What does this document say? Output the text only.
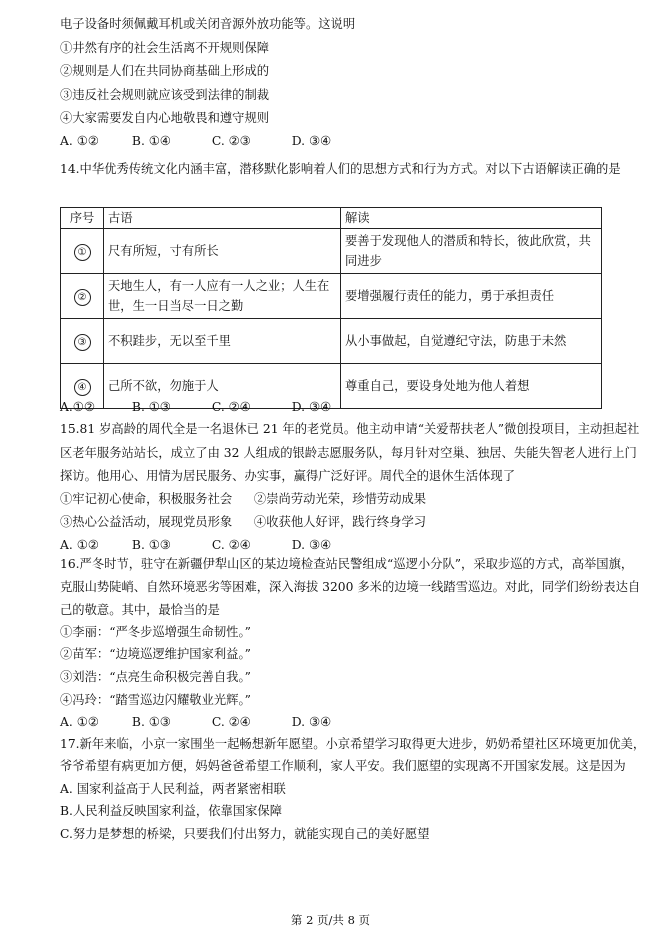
电子设备时须佩戴耳机或关闭音源外放功能等。这说明
①井然有序的社会生活离不开规则保障
②规则是人们在共同协商基础上形成的
③违反社会规则就应该受到法律的制裁
④大家需要发自内心地敬畏和遵守规则
A. ①②	B. ①④	C. ②③	D. ③④
14.中华优秀传统文化内涵丰富，潜移默化影响着人们的思想方式和行为方式。对以下古语解读正确的是
序号	古语	解读
①	尺有所短，寸有所长	要善于发现他人的潜质和特长，彼此欣赏，共同进步
②	天地生人，有一人应有一人之业；人生在世，生一日当尽一日之勤	要增强履行责任的能力，勇于承担责任
③	不积跬步，无以至千里	从小事做起，自觉遵纪守法，防患于未然
④	己所不欲，勿施于人	尊重自己，要设身处地为他人着想
A.①②	B. ①③	C. ②④	D. ③④
15.81 岁高龄的周代全是一名退休已 21 年的老党员。他主动申请“关爱帮扶老人”微创投项目，主动担起社
区老年服务站站长，成立了由 32 人组成的银龄志愿服务队，每月针对空巢、独居、失能失智老人进行上门
探访。他用心、用情为居民服务、办实事，赢得广泛好评。周代全的退休生活体现了
①牢记初心使命，积极服务社会 ②崇尚劳动光荣，珍惜劳动成果
③热心公益活动，展现党员形象 ④收获他人好评，践行终身学习
A. ①②	B. ①③	C. ②④	D. ③④
16.严冬时节，驻守在新疆伊犁山区的某边境检查站民警组成“巡逻小分队”，采取步巡的方式，高举国旗，
克服山势陡峭、自然环境恶劣等困难，深入海拔 3200 多米的边境一线踏雪巡边。对此，同学们纷纷表达自
己的敬意。其中，最恰当的是
①李丽：“严冬步巡增强生命韧性。”
②苗军：“边境巡逻维护国家利益。”
③刘浩：“点亮生命积极完善自我。”
④冯玲：“踏雪巡边闪耀敬业光辉。”
A. ①②	B. ①③	C. ②④	D. ③④
17.新年来临，小京一家围坐一起畅想新年愿望。小京希望学习取得更大进步，奶奶希望社区环境更加优美，
爷爷希望有病更加方便，妈妈爸爸希望工作顺利，家人平安。我们愿望的实现离不开国家发展。这是因为
A. 国家利益高于人民利益，两者紧密相联
B.人民利益反映国家利益，依靠国家保障
C.努力是梦想的桥梁，只要我们付出努力，就能实现自己的美好愿望
第 2 页/共 8 页
